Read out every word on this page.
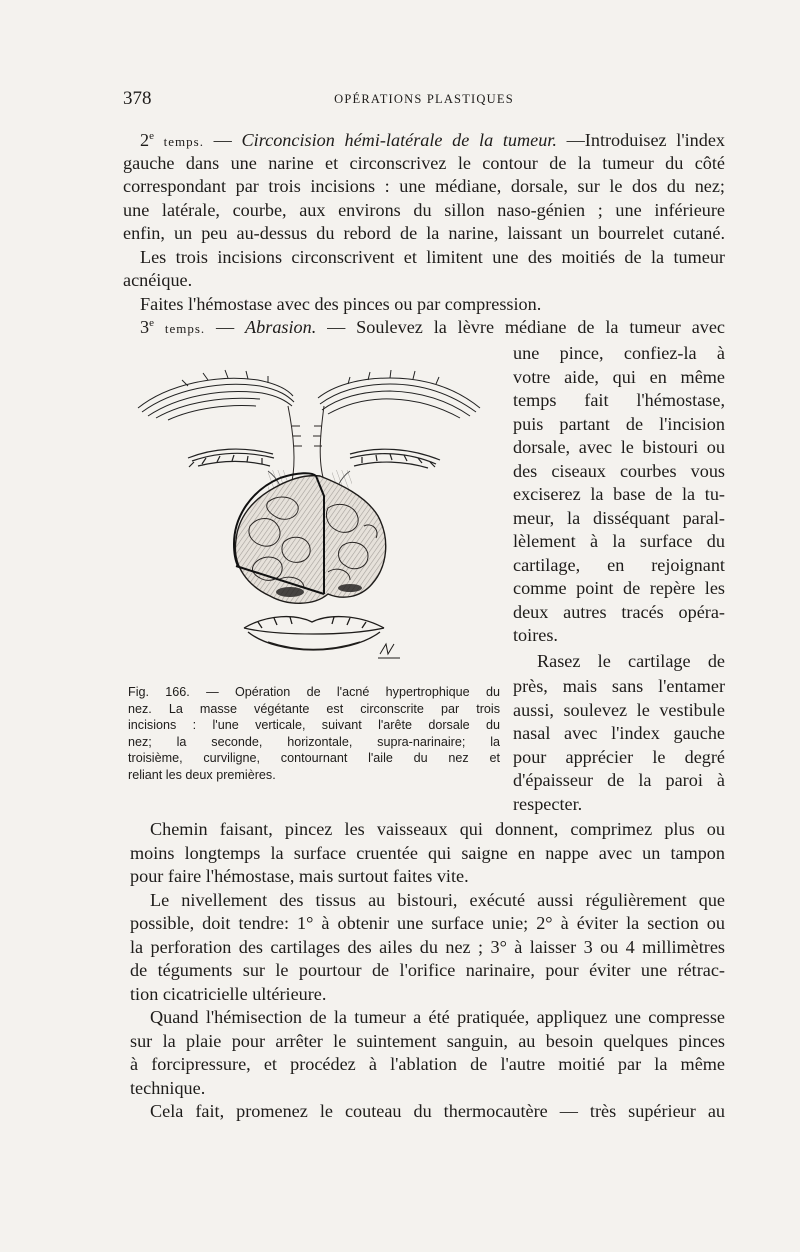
378	OPÉRATIONS PLASTIQUES
2e temps. — Circoncision hémi-latérale de la tumeur. —Introduisez l'index
gauche dans une narine et circonscrivez le contour de la tumeur du côté
correspondant par trois incisions : une médiane, dorsale, sur le dos du nez;
une latérale, courbe, aux environs du sillon naso-génien ; une inférieure
enfin, un peu au-dessus du rebord de la narine, laissant un bourrelet cutané.
Les trois incisions circonscrivent et limitent une des moitiés de la tumeur
acnéique.
Faites l'hémostase avec des pinces ou par compression.
3e temps. — Abrasion. — Soulevez la lèvre médiane de la tumeur avec
une pince, confiez-la à
votre aide, qui en même
temps fait l'hémostase,
puis partant de l'incision
dorsale, avec le bistouri ou
des ciseaux courbes vous
exciserez la base de la tu-
meur, la disséquant paral-
lèlement à la surface du
cartilage, en rejoignant
comme point de repère les
deux autres tracés opéra-
toires.
Rasez le cartilage de
près, mais sans l'entamer
aussi, soulevez le vestibule
nasal avec l'index gauche
pour apprécier le degré
d'épaisseur de la paroi à
respecter.
Fig. 166. — Opération de l'acné hypertrophique du
nez. La masse végétante est circonscrite par trois
incisions : l'une verticale, suivant l'arête dorsale du
nez; la seconde, horizontale, supra-narinaire; la
troisième, curviligne, contournant l'aile du nez et
reliant les deux premières.
Chemin faisant, pincez les vaisseaux qui donnent, comprimez plus ou
moins longtemps la surface cruentée qui saigne en nappe avec un tampon
pour faire l'hémostase, mais surtout faites vite.
Le nivellement des tissus au bistouri, exécuté aussi régulièrement que
possible, doit tendre: 1° à obtenir une surface unie; 2° à éviter la section ou
la perforation des cartilages des ailes du nez ; 3° à laisser 3 ou 4 millimètres
de téguments sur le pourtour de l'orifice narinaire, pour éviter une rétrac-
tion cicatricielle ultérieure.
Quand l'hémisection de la tumeur a été pratiquée, appliquez une compresse
sur la plaie pour arrêter le suintement sanguin, au besoin quelques pinces
à forcipressure, et procédez à l'ablation de l'autre moitié par la même
technique.
Cela fait, promenez le couteau du thermocautère — très supérieur au
